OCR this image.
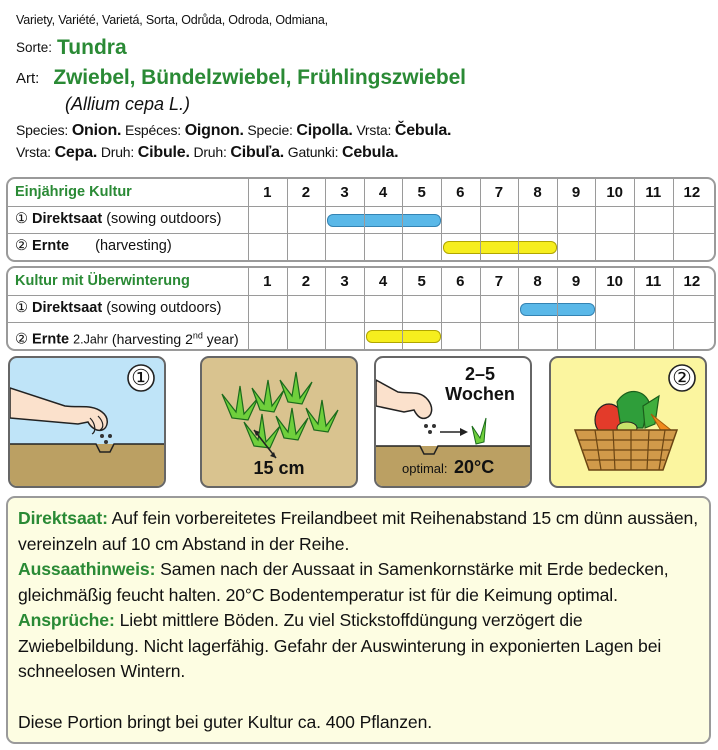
Variety, Variété, Varietá, Sorta, Odrůda, Odroda, Odmiana,
Sorte: Tundra
Art: Zwiebel, Bündelzwiebel, Frühlingszwiebel
(Allium cepa L.)
Species: Onion. Espéces: Oignon. Specie: Cipolla. Vrsta: Čebula.
Vrsta: Cepa. Druh: Cibule. Druh: Cibuľa. Gatunki: Cebula.
Einjährige Kultur	1	2	3	4	5	6	7	8	9	10	11	12
① Direktsaat (sowing outdoors)
② Ernte (harvesting)
Kultur mit Überwinterung	1	2	3	4	5	6	7	8	9	10	11	12
① Direktsaat (sowing outdoors)
② Ernte 2.Jahr (harvesting 2nd year)
①
15 cm
2–5
Wochen
optimal: 20°C
②

Direktsaat: Auf fein vorbereitetes Freilandbeet mit Reihenabstand 15 cm dünn aussäen, vereinzeln auf 10 cm Abstand in der Reihe.

Aussaathinweis: Samen nach der Aussaat in Samenkornstärke mit Erde bedecken, gleichmäßig feucht halten. 20°C Bodentemperatur ist für die Keimung optimal. Ansprüche: Liebt mittlere Böden. Zu viel Stickstoffdüngung verzögert die Zwiebelbildung. Nicht lagerfähig. Gefahr der Auswinterung in exponierten Lagen bei schneelosen Wintern.

Diese Portion bringt bei guter Kultur ca. 400 Pflanzen.
